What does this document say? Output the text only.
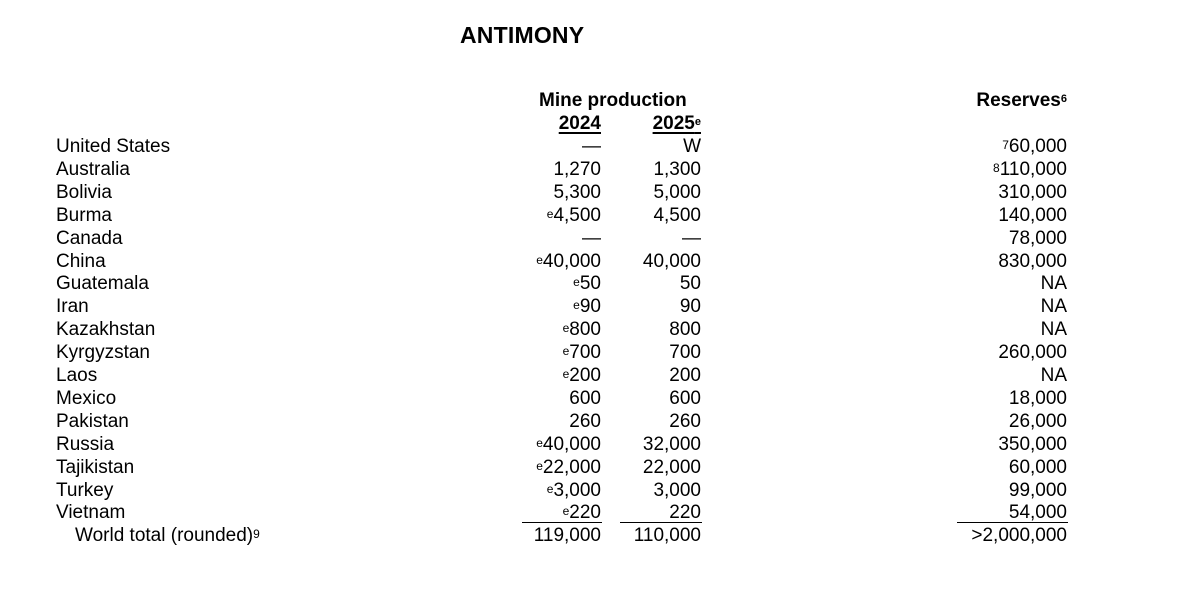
ANTIMONY
Mine production
2024	2025e
Reserves$^6$
United States	—	W	$^7$60,000
Australia	1,270	1,300	$^8$110,000
Bolivia	5,300	5,000	310,000
Burma	$^e$4,500	4,500	140,000
Canada	—	—	78,000
China	$^e$40,000	40,000	830,000
Guatemala	$^e$50	50	NA
Iran	$^e$90	90	NA
Kazakhstan	$^e$800	800	NA
Kyrgyzstan	$^e$700	700	260,000
Laos	$^e$200	200	NA
Mexico	600	600	18,000
Pakistan	260	260	26,000
Russia	$^e$40,000	32,000	350,000
Tajikistan	$^e$22,000	22,000	60,000
Turkey	$^e$3,000	3,000	99,000
Vietnam	$^e$220	220	54,000
World total (rounded)$^9$	119,000	110,000	>2,000,000
